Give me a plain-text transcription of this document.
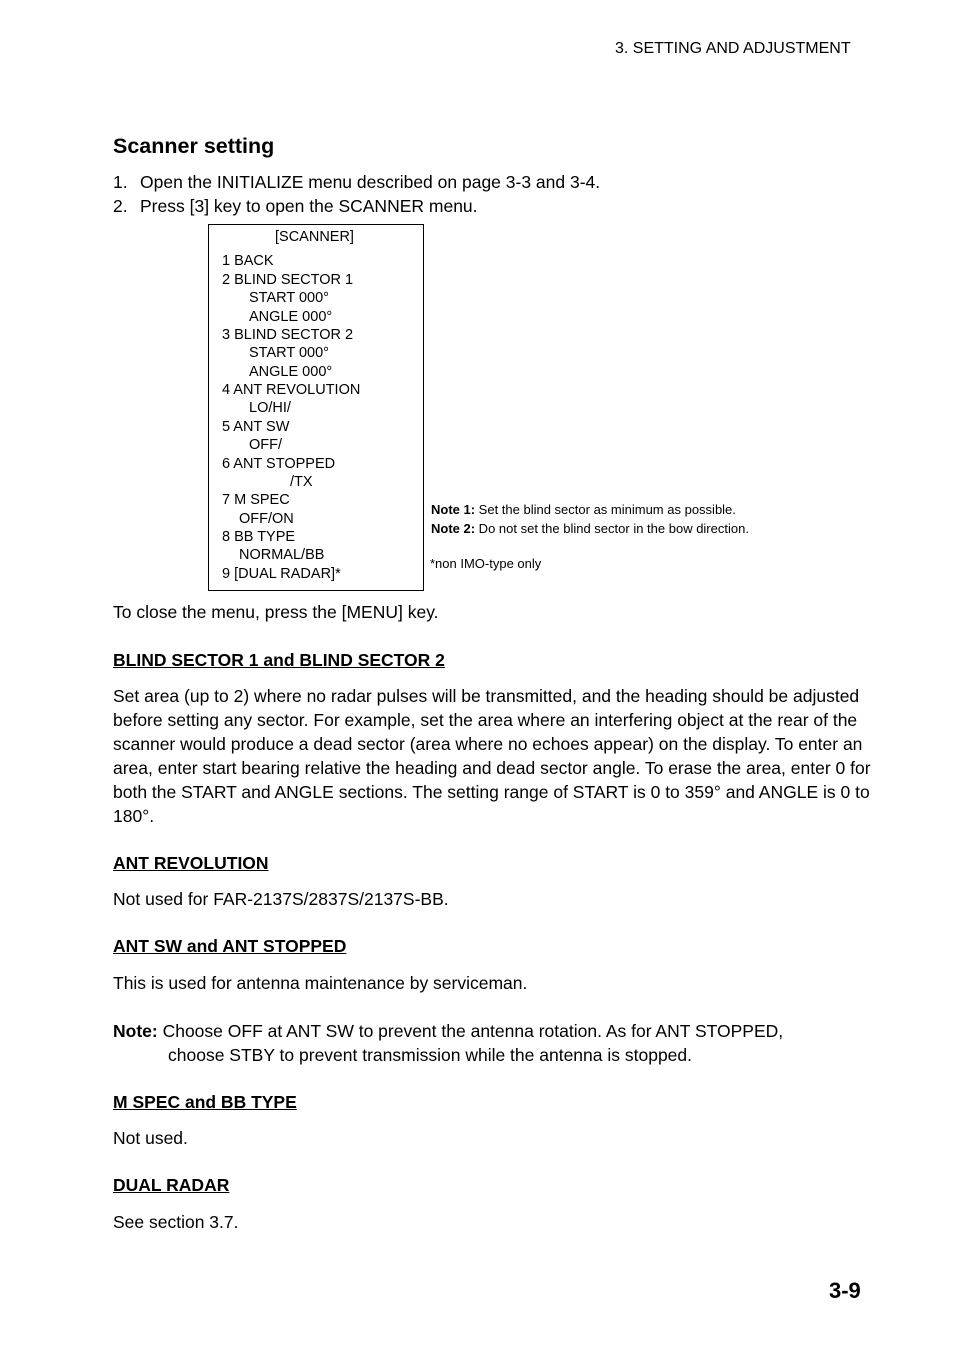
3. SETTING AND ADJUSTMENT
Scanner setting
1. Open the INITIALIZE menu described on page 3-3 and 3-4.
2. Press [3] key to open the SCANNER menu.
[SCANNER]
1 BACK
2 BLIND SECTOR 1
START 000°
ANGLE 000°
3 BLIND SECTOR 2
START 000°
ANGLE 000°
4 ANT REVOLUTION
LO/HI/
5 ANT SW
OFF/
6 ANT STOPPED
/TX
7 M SPEC
OFF/ON
8 BB TYPE
NORMAL/BB
9 [DUAL RADAR]*
Note 1: Set the blind sector as minimum as possible.
Note 2: Do not set the blind sector in the bow direction.
*non IMO-type only
To close the menu, press the [MENU] key.
BLIND SECTOR 1 and BLIND SECTOR 2
Set area (up to 2) where no radar pulses will be transmitted, and the heading should be adjusted before setting any sector. For example, set the area where an interfering object at the rear of the scanner would produce a dead sector (area where no echoes appear) on the display. To enter an area, enter start bearing relative the heading and dead sector angle. To erase the area, enter 0 for both the START and ANGLE sections. The setting range of START is 0 to 359° and ANGLE is 0 to 180°.
ANT REVOLUTION
Not used for FAR-2137S/2837S/2137S-BB.
ANT SW and ANT STOPPED
This is used for antenna maintenance by serviceman.
Note: Choose OFF at ANT SW to prevent the antenna rotation. As for ANT STOPPED,
choose STBY to prevent transmission while the antenna is stopped.
M SPEC and BB TYPE
Not used.
DUAL RADAR
See section 3.7.
3-9
